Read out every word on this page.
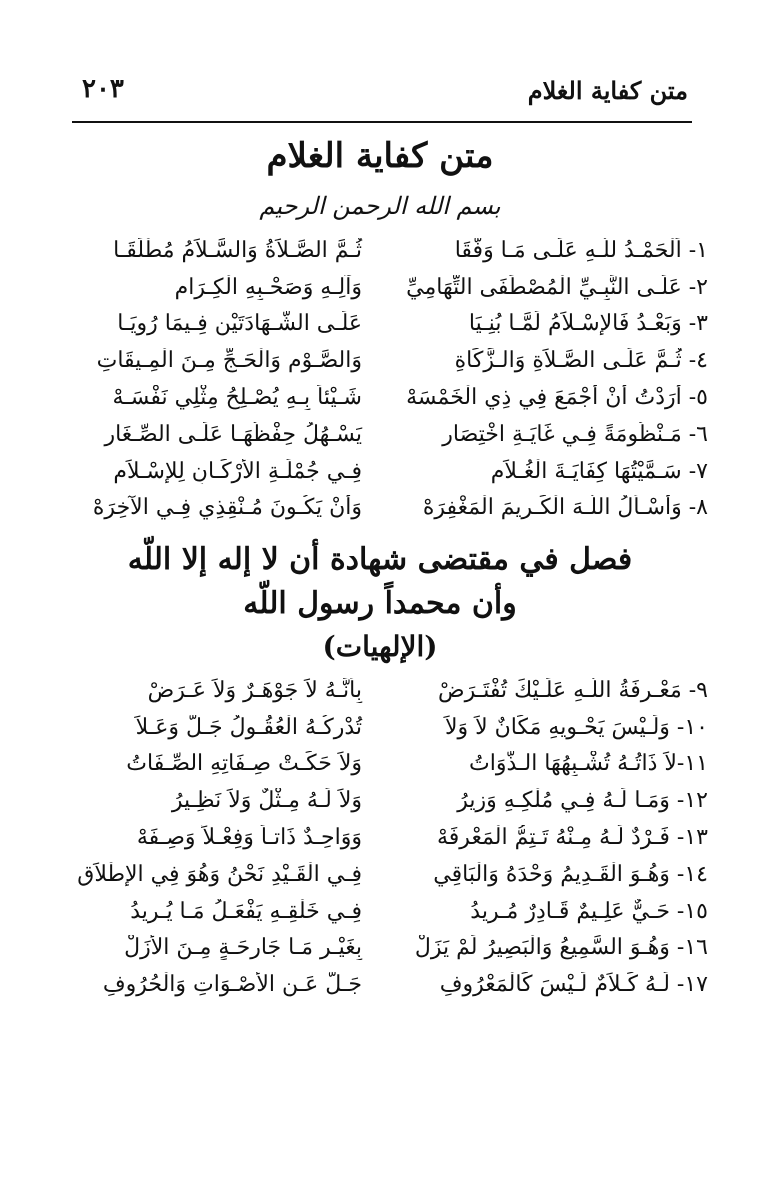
متن كفاية الغلام
٢٠٣
متن كفاية الغلام
بسم الله الرحمن الرحيم
١- اَلْحَمْـدُ للّـهِ عَلَـى مَـا وَفَّقَا
ثُـمَّ الصَّـلاَةُ وَالسَّـلاَمُ مُطْلَقَـا
٢- عَلَـى النَّبِـيِّ الْمُصْطَفَى التِّهَامِيِّ
وَآلِـهِ وَصَحْـبِهِ الْكِـرَامِ
٣- وَبَعْـدُ فَالإِسْـلاَمُ لَمَّـا بُنِـيَا
عَلَـى الشَّـهَادَتَيْنِ فِـيمَا رُوِيَـا
٤- ثُـمَّ عَلَـى الصَّـلاَةِ وَالـزَّكَاةِ
وَالصَّـوْمِ وَالْحَـجِّ مِـنَ الْمِـيقَاتِ
٥- أَرَدْتُ أَنْ أَجْمَعَ فِي ذِي الْخَمْسَهْ
شَـيْئاً بِـهِ يُصْـلِحُ مِثْلِي نَفْسَـهْ
٦- مَـنْظُومَةً فِـي غَايَـةِ اخْتِصَارِ
يَسْـهُلُ حِفْظُهَـا عَلَـى الصِّـغَارِ
٧- سَـمَّيْتُهَا كِفَايَـةَ الْغُـلاَمِ
فِـي جُمْلَـةِ الأَرْكَـانِ لِلإِسْـلاَمِ
٨- وَأَسْـأَلُ اللَّـهَ الْكَـرِيمَ الْمَغْفِرَهْ
وَأَنْ يَكُـونَ مُـنْقِذِي فِـي الآخِرَهْ
فصل في مقتضى شهادة أن لا إله إلا اللّه
وأن محمداً رسول اللّه
(الإلهيات)
٩- مَعْـرِفَةُ اللّـهِ عَلَـيْكَ تُفْتَـرَضْ
بِأَنَّـهُ لاَ جَوْهَـرٌ وَلاَ عَـرَضْ
١٠- وَلَـيْسَ يَحْـوِيهِ مَكَانٌ لاَ وَلاَ
تُدْرِكُـهُ الْعُقُـولُ جَـلَّ وَعَـلاَ
١١-لاَ ذَاتُـهُ تُشْـبِهُهَا الـذَّوَاتُ
وَلاَ حَكَـتْ صِـفَاتِهِ الصِّـفَاتُ
١٢- وَمَـا لَـهُ فِـي مُلْكِـهِ وَزِيرُ
وَلاَ لَـهُ مِـثْلٌ وَلاَ نَظِـيرُ
١٣- فَـرْدٌ لَـهُ مِـنْهُ تَـتِمُّ الْمَعْرِفَهْ
وَوَاحِـدٌ ذَاتـاً وَفِعْـلاً وَصِـفَهْ
١٤- وَهُـوَ الْقَـدِيمُ وَحْدَهُ وَالْبَاقِي
فِـي الْقَـيْدِ نَحْنُ وَهُوَ فِي الإِطْلاَقِ
١٥- حَـيٌّ عَلِـيمٌ قَـادِرٌ مُـرِيدُ
فِـي خَلْقِـهِ يَفْعَـلُ مَـا يُـرِيدُ
١٦- وَهُـوَ السَّمِيعُ وَالْبَصِيرُ لَمْ يَزَلْ
بِغَيْـرِ مَـا جَارِحَـةٍ مِـنَ الأَزَلْ
١٧- لَـهُ كَـلاَمٌ لَـيْسَ كَالْمَعْرُوفِ
جَـلَّ عَـنِ الأَصْـوَاتِ وَالْحُرُوفِ
